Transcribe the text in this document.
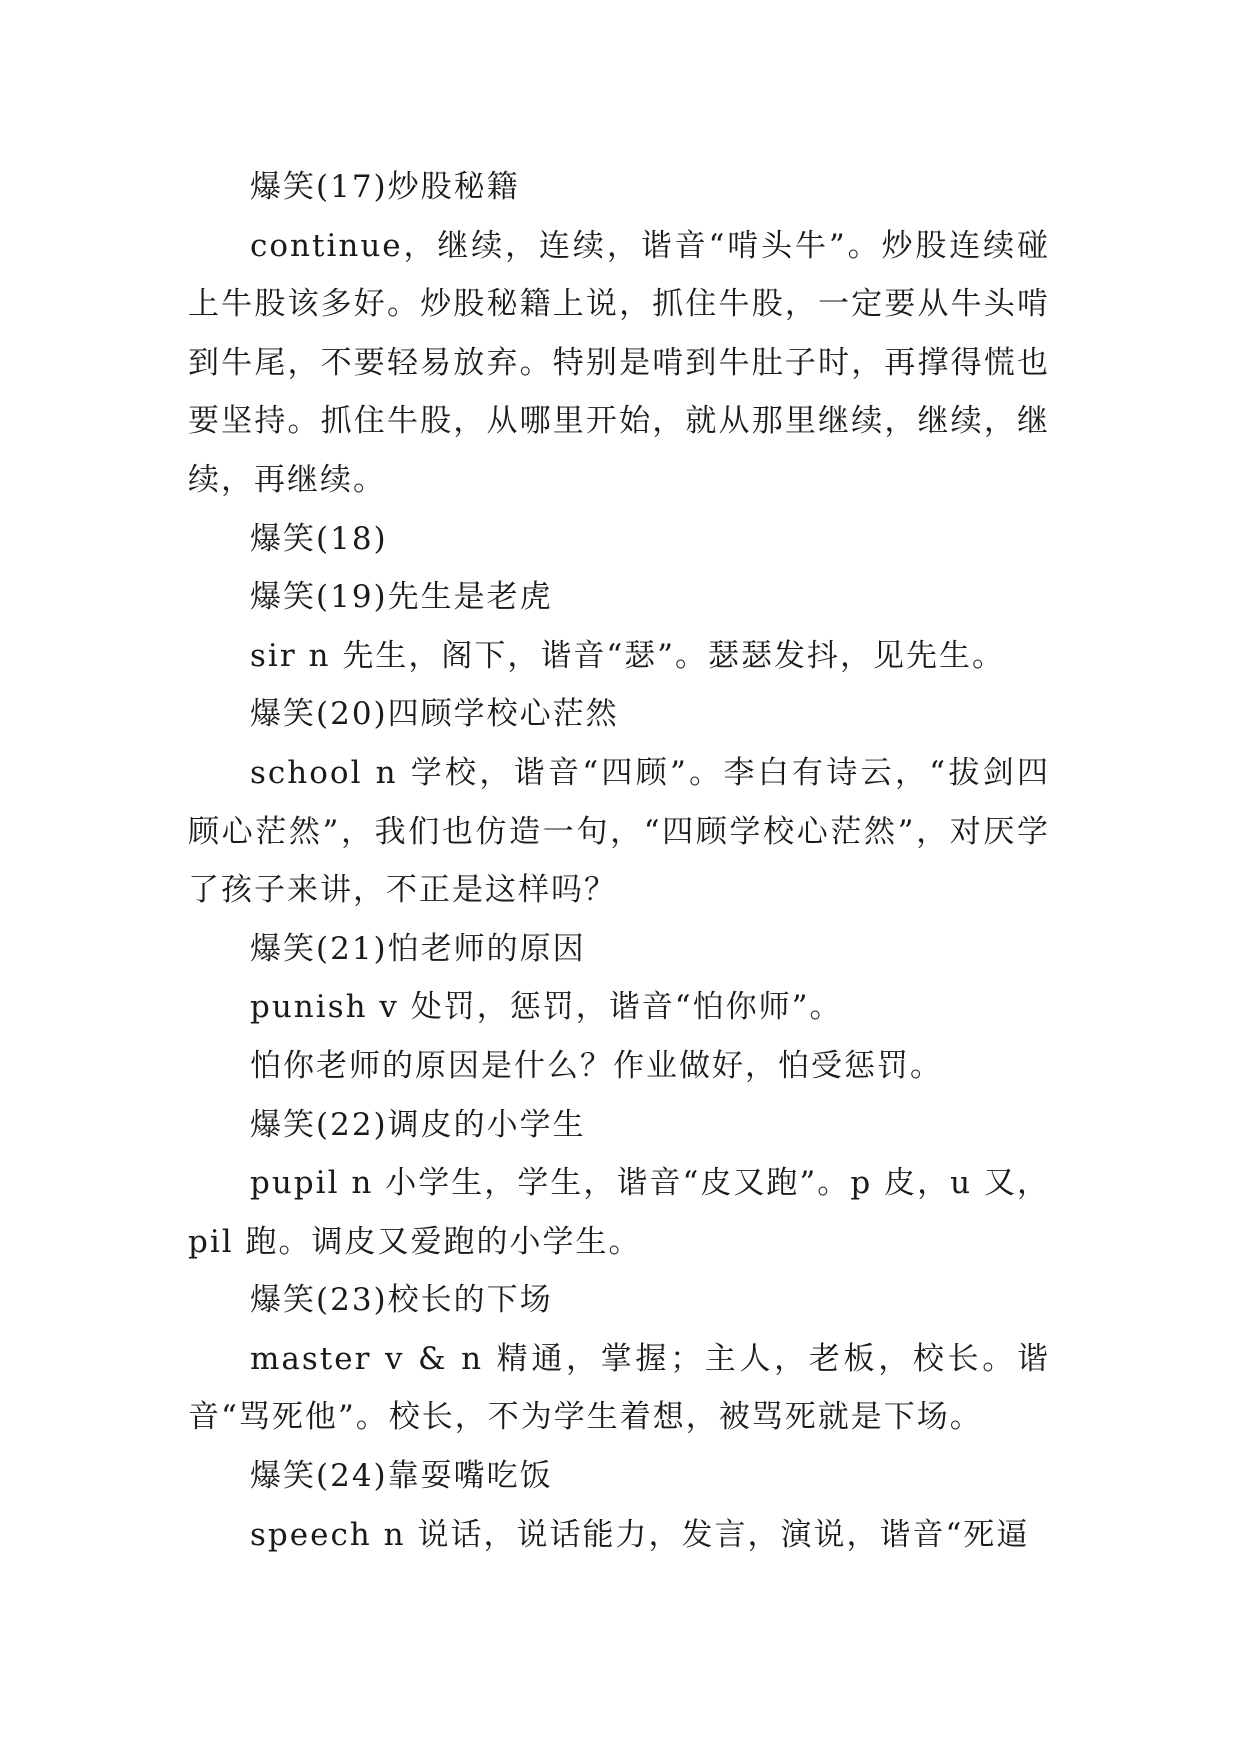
爆笑(17)炒股秘籍

continue，继续，连续，谐音“啃头牛”。炒股连续碰上牛股该多好。炒股秘籍上说，抓住牛股，一定要从牛头啃到牛尾，不要轻易放弃。特别是啃到牛肚子时，再撑得慌也要坚持。抓住牛股，从哪里开始，就从那里继续，继续，继续，再继续。

爆笑(18)

爆笑(19)先生是老虎

sir n 先生，阁下，谐音“瑟”。瑟瑟发抖，见先生。

爆笑(20)四顾学校心茫然

school n 学校，谐音“四顾”。李白有诗云，“拔剑四顾心茫然”，我们也仿造一句，“四顾学校心茫然”，对厌学了孩子来讲，不正是这样吗？

爆笑(21)怕老师的原因

punish v 处罚，惩罚，谐音“怕你师”。

怕你老师的原因是什么？作业做好，怕受惩罚。

爆笑(22)调皮的小学生

pupil n 小学生，学生，谐音“皮又跑”。p 皮，u 又，pil 跑。调皮又爱跑的小学生。

爆笑(23)校长的下场

master v & n 精通，掌握；主人，老板，校长。谐音“骂死他”。校长，不为学生着想，被骂死就是下场。

爆笑(24)靠耍嘴吃饭

speech n 说话，说话能力，发言，演说，谐音“死逼
